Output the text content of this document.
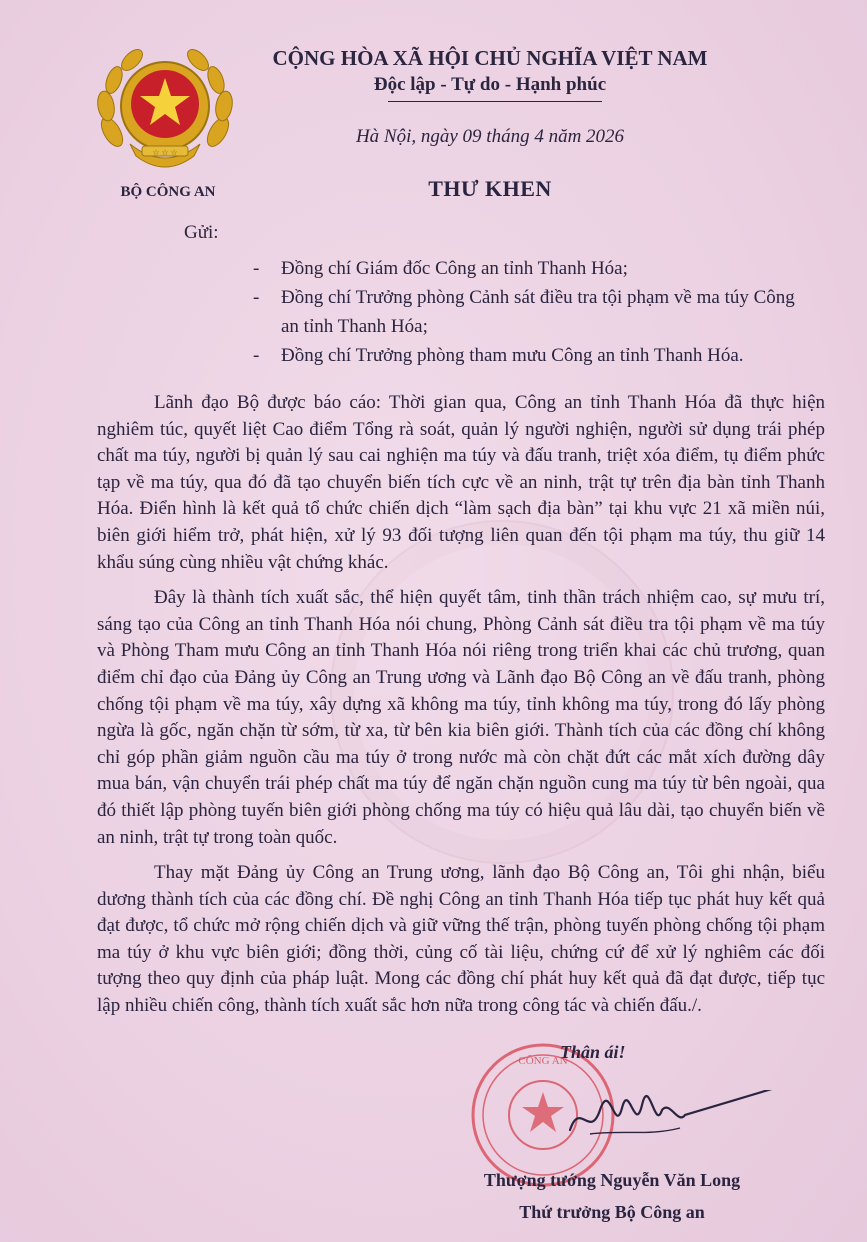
☆ ☆ ☆
BỘ CÔNG AN
CỘNG HÒA XÃ HỘI CHỦ NGHĨA VIỆT NAM
Độc lập - Tự do - Hạnh phúc
Hà Nội, ngày 09 tháng 4 năm 2026
THƯ KHEN
Gửi:
-	Đồng chí Giám đốc Công an tỉnh Thanh Hóa;
-	Đồng chí Trưởng phòng Cảnh sát điều tra tội phạm về ma túy Công an tỉnh Thanh Hóa;
-	Đồng chí Trưởng phòng tham mưu Công an tỉnh Thanh Hóa.

Lãnh đạo Bộ được báo cáo: Thời gian qua, Công an tỉnh Thanh Hóa đã thực hiện nghiêm túc, quyết liệt Cao điểm Tổng rà soát, quản lý người nghiện, người sử dụng trái phép chất ma túy, người bị quản lý sau cai nghiện ma túy và đấu tranh, triệt xóa điểm, tụ điểm phức tạp về ma túy, qua đó đã tạo chuyển biến tích cực về an ninh, trật tự trên địa bàn tỉnh Thanh Hóa. Điển hình là kết quả tổ chức chiến dịch “làm sạch địa bàn” tại khu vực 21 xã miền núi, biên giới hiểm trở, phát hiện, xử lý 93 đối tượng liên quan đến tội phạm ma túy, thu giữ 14 khẩu súng cùng nhiều vật chứng khác.

Đây là thành tích xuất sắc, thể hiện quyết tâm, tinh thần trách nhiệm cao, sự mưu trí, sáng tạo của Công an tỉnh Thanh Hóa nói chung, Phòng Cảnh sát điều tra tội phạm về ma túy và Phòng Tham mưu Công an tỉnh Thanh Hóa nói riêng trong triển khai các chủ trương, quan điểm chỉ đạo của Đảng ủy Công an Trung ương và Lãnh đạo Bộ Công an về đấu tranh, phòng chống tội phạm về ma túy, xây dựng xã không ma túy, tỉnh không ma túy, trong đó lấy phòng ngừa là gốc, ngăn chặn từ sớm, từ xa, từ bên kia biên giới. Thành tích của các đồng chí không chỉ góp phần giảm nguồn cầu ma túy ở trong nước mà còn chặt đứt các mắt xích đường dây mua bán, vận chuyển trái phép chất ma túy để ngăn chặn nguồn cung ma túy từ bên ngoài, qua đó thiết lập phòng tuyến biên giới phòng chống ma túy có hiệu quả lâu dài, tạo chuyển biến về an ninh, trật tự trong toàn quốc.

Thay mặt Đảng ủy Công an Trung ương, lãnh đạo Bộ Công an, Tôi ghi nhận, biểu dương thành tích của các đồng chí. Đề nghị Công an tỉnh Thanh Hóa tiếp tục phát huy kết quả đạt được, tổ chức mở rộng chiến dịch và giữ vững thế trận, phòng tuyến phòng chống tội phạm ma túy ở khu vực biên giới; đồng thời, củng cố tài liệu, chứng cứ để xử lý nghiêm các đối tượng theo quy định của pháp luật. Mong các đồng chí phát huy kết quả đã đạt được, tiếp tục lập nhiều chiến công, thành tích xuất sắc hơn nữa trong công tác và chiến đấu./.

CÔNG AN
Thân ái!
Thượng tướng Nguyễn Văn Long
Thứ trưởng Bộ Công an
